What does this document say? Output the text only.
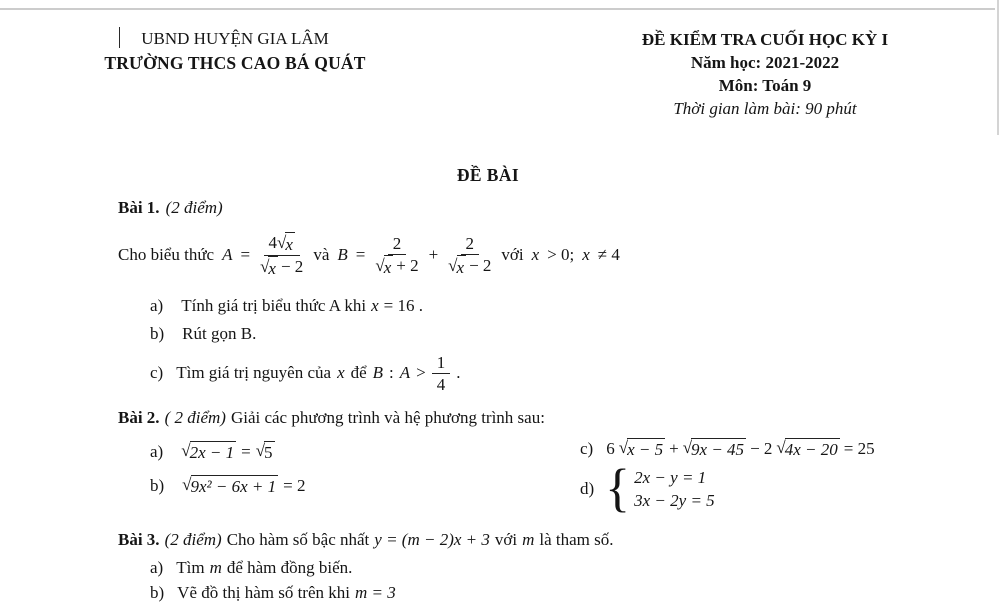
UBND HUYỆN GIA LÂM
TRƯỜNG THCS CAO BÁ QUÁT
ĐỀ KIỂM TRA CUỐI HỌC KỲ I
Năm học: 2021-2022
Môn: Toán 9
Thời gian làm bài: 90 phút
ĐỀ BÀI
Bài 1. (2 điểm)
Cho biểu thức $A = \frac{4 √ x}{√ x - 2}$ và $B = \frac{2}{√ x + 2} + \frac{2}{√ x - 2}$ với x > 0; x ≠ 4
a) Tính giá trị biểu thức A khi x = 16 .
b) Rút gọn B.
c) Tìm giá trị nguyên của x để B : $A > \frac{1}{4}$ .
Bài 2. ( 2 điểm) Giải các phương trình và hệ phương trình sau:
a) √ 2x − 1 = √ 5
b) √ 9x² − 6x + 1 = 2
c) 6 √ x − 5 + √ 9x − 45 − 2 √ 4x − 20 = 25
d) { 2x − y = 1
3x − 2y = 5
Bài 3. (2 điểm) Cho hàm số bậc nhất y = (m − 2)x + 3 với m là tham số.
a) Tìm m để hàm đồng biến.
b) Vẽ đồ thị hàm số trên khi m = 3
